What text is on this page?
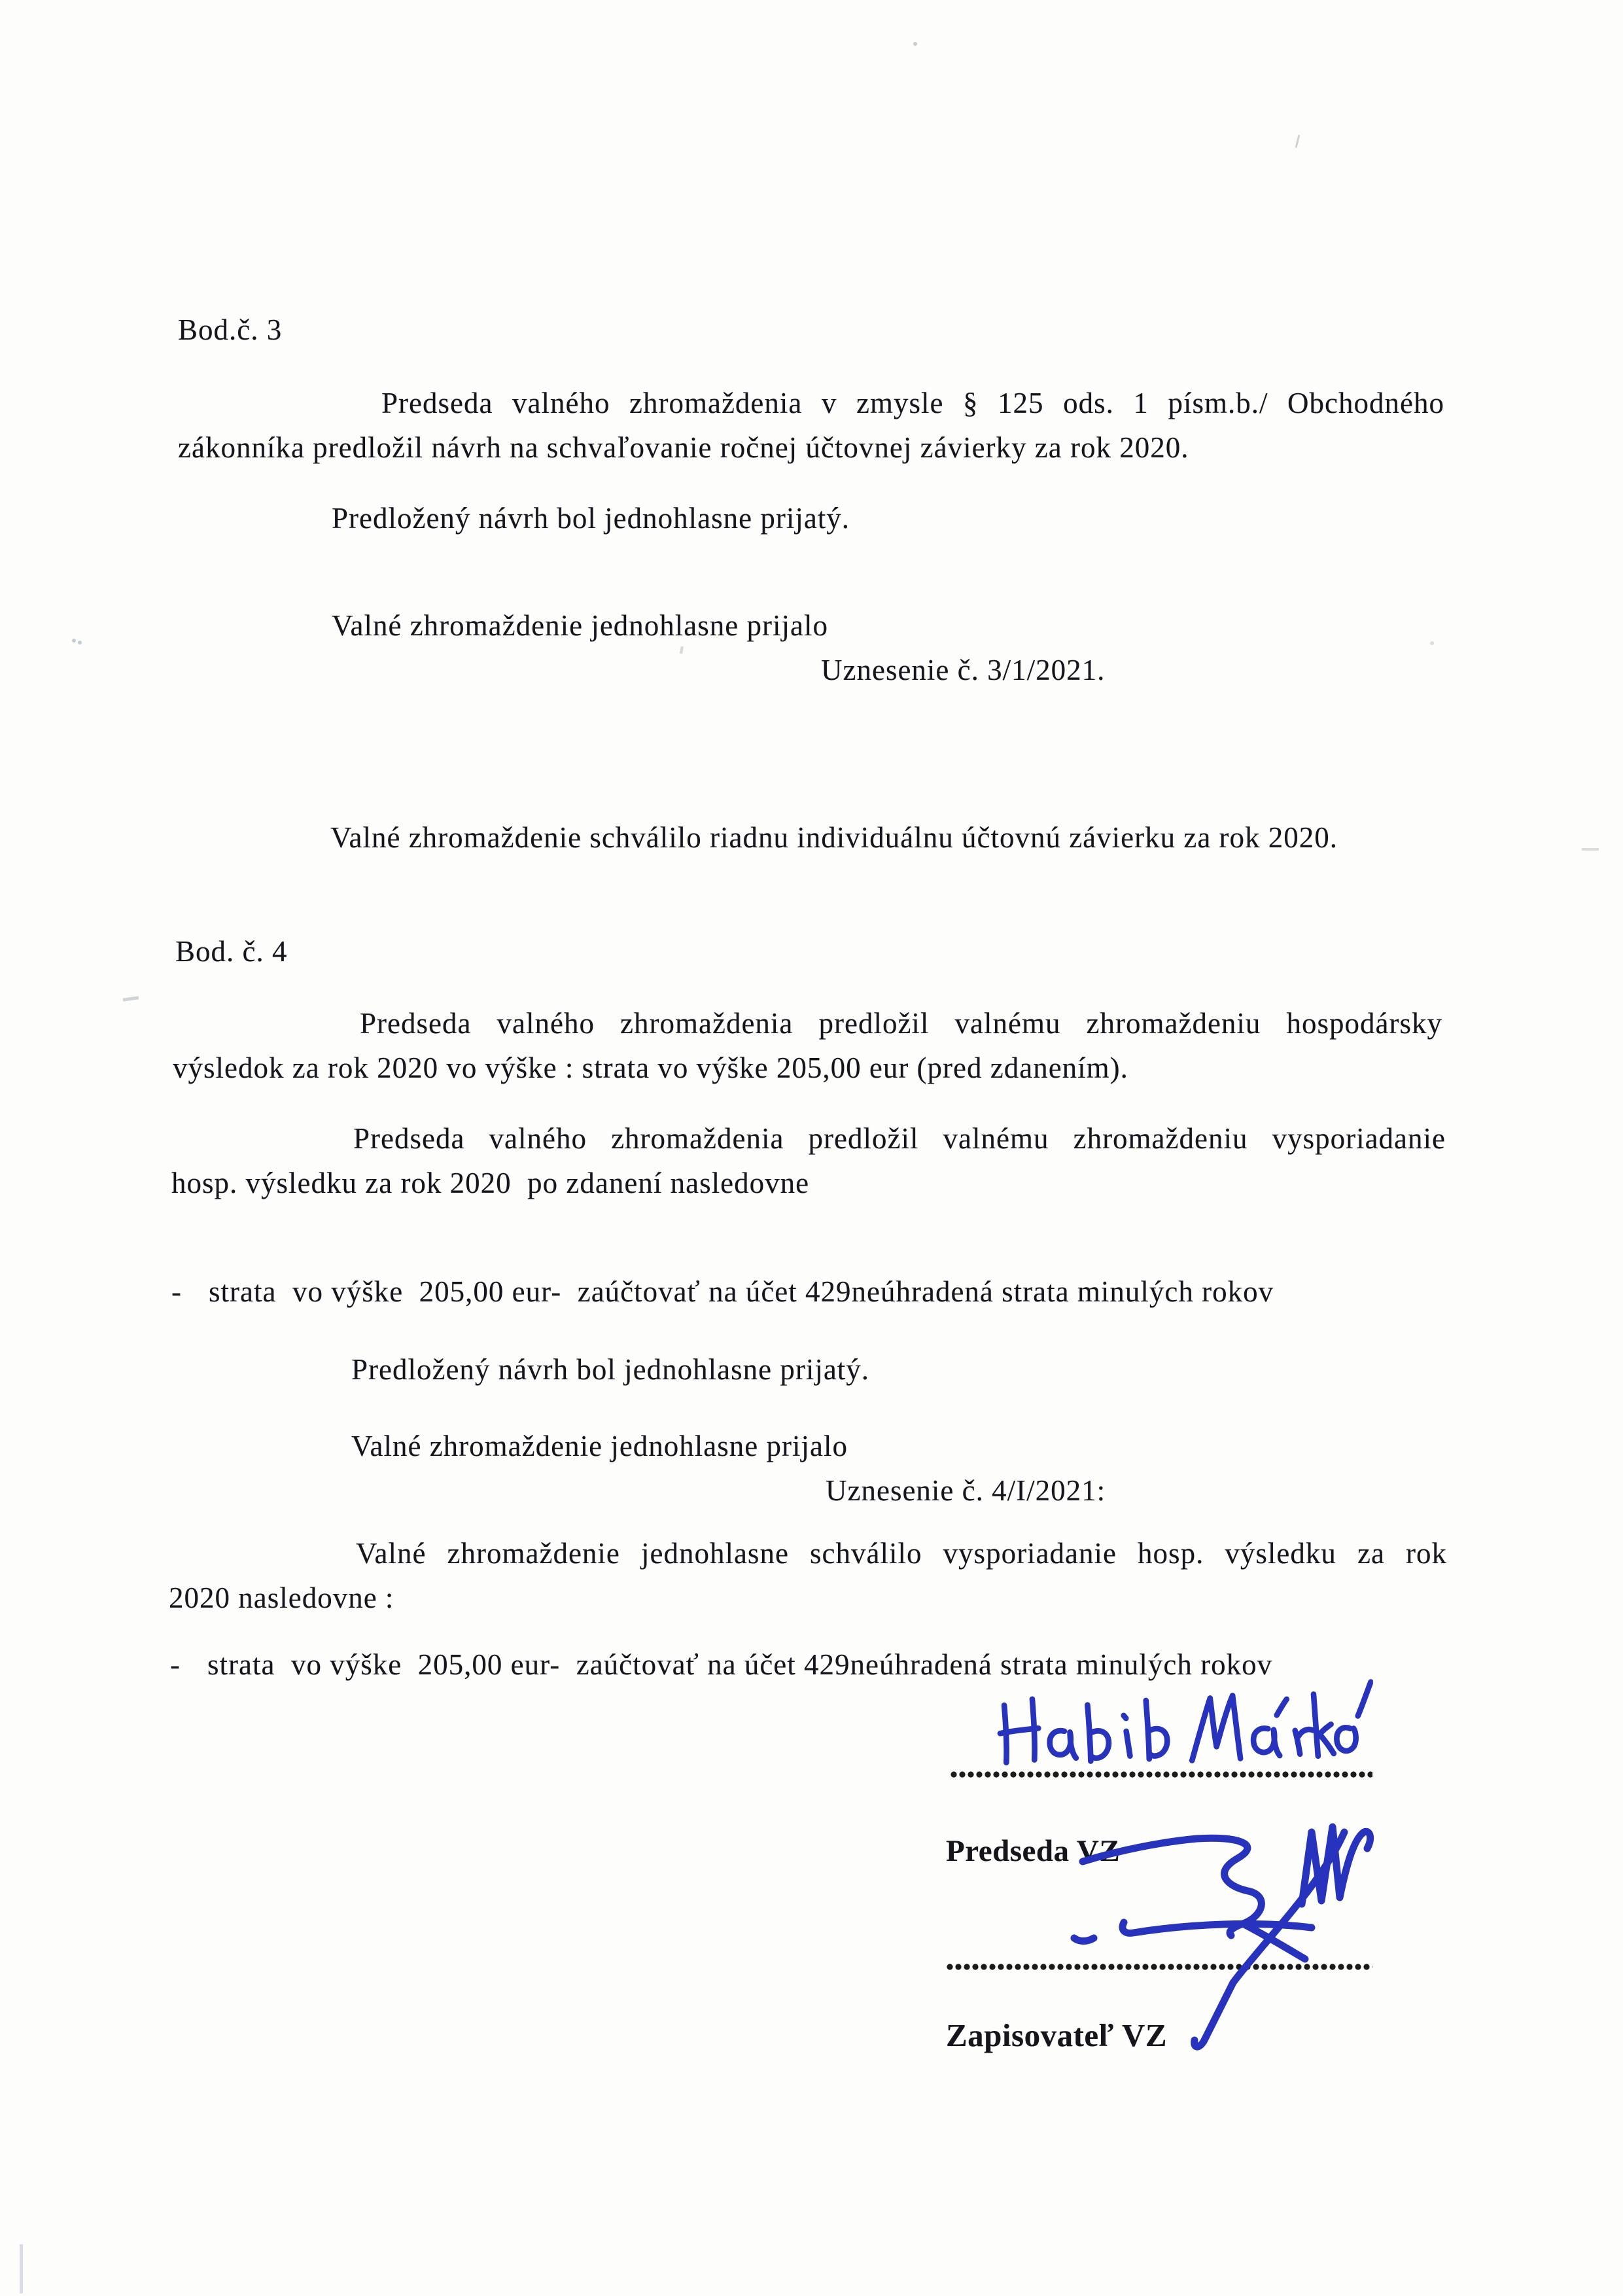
Bod.č. 3
Predseda valného zhromaždenia v zmysle § 125 ods. 1 písm.b./ Obchodného
zákonníka predložil návrh na schvaľovanie ročnej účtovnej závierky za rok 2020.
Predložený návrh bol jednohlasne prijatý.
Valné zhromaždenie jednohlasne prijalo
Uznesenie č. 3/1/2021.
Valné zhromaždenie schválilo riadnu individuálnu účtovnú závierku za rok 2020.
Bod. č. 4
Predseda valného zhromaždenia predložil valnému zhromaždeniu hospodársky
výsledok za rok 2020 vo výške : strata vo výške 205,00 eur (pred zdanením).
Predseda valného zhromaždenia predložil valnému zhromaždeniu vysporiadanie
hosp. výsledku za rok 2020  po zdanení nasledovne
- strata  vo výške  205,00 eur-  zaúčtovať na účet 429neúhradená strata minulých rokov
Predložený návrh bol jednohlasne prijatý.
Valné zhromaždenie jednohlasne prijalo
Uznesenie č. 4/I/2021:
Valné zhromaždenie jednohlasne schválilo vysporiadanie hosp. výsledku za rok
2020 nasledovne :
- strata  vo výške  205,00 eur-  zaúčtovať na účet 429neúhradená strata minulých rokov
Predseda VZ
Zapisovateľ VZ
